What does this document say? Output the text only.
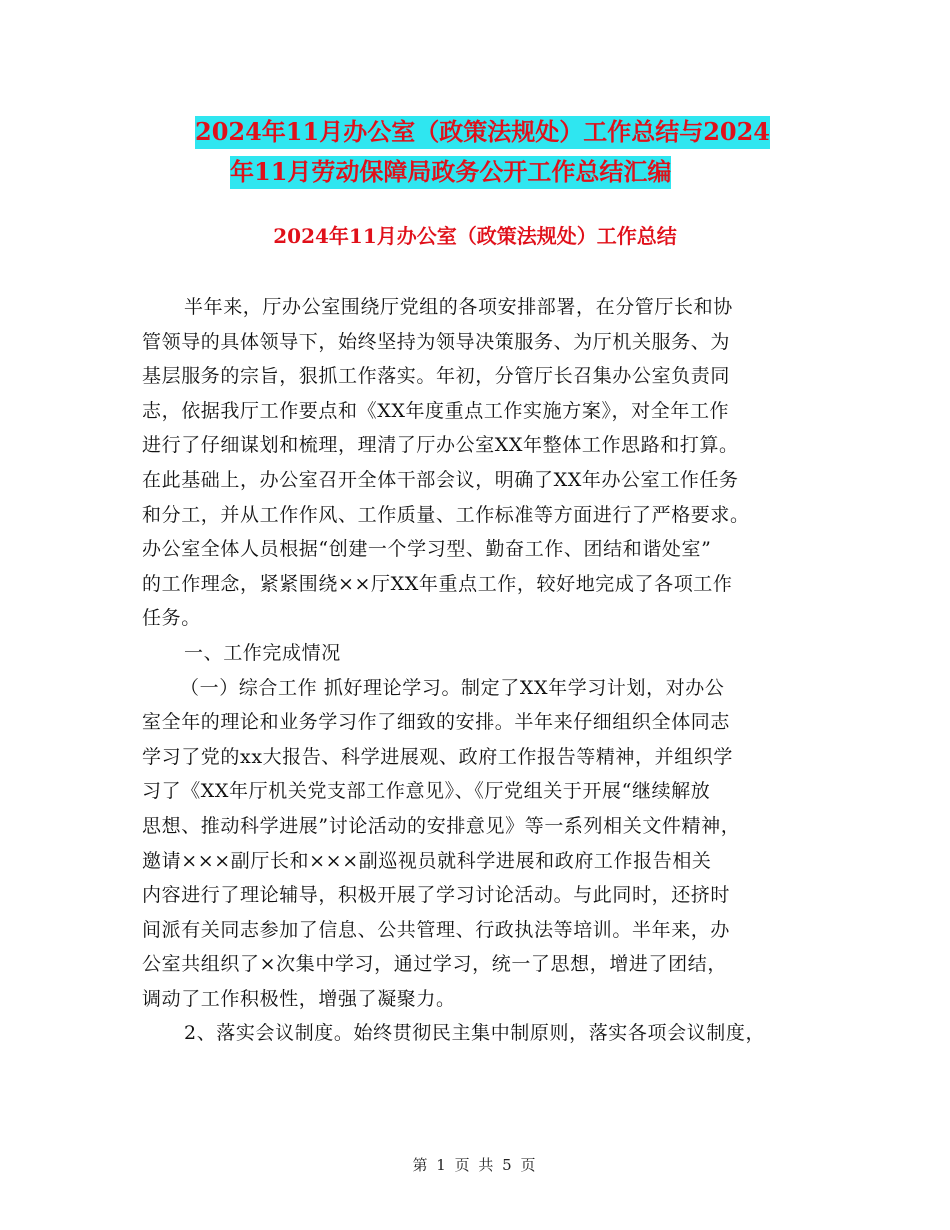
2024年11月办公室（政策法规处）工作总结与2024
年11月劳动保障局政务公开工作总结汇编
2024年11月办公室（政策法规处）工作总结
半年来，厅办公室围绕厅党组的各项安排部署，在分管厅长和协
管领导的具体领导下，始终坚持为领导决策服务、为厅机关服务、为
基层服务的宗旨，狠抓工作落实。年初，分管厅长召集办公室负责同
志，依据我厅工作要点和《XX年度重点工作实施方案》，对全年工作
进行了仔细谋划和梳理，理清了厅办公室XX年整体工作思路和打算。
在此基础上，办公室召开全体干部会议，明确了XX年办公室工作任务
和分工，并从工作作风、工作质量、工作标准等方面进行了严格要求。
办公室全体人员根据“创建一个学习型、勤奋工作、团结和谐处室”
的工作理念，紧紧围绕××厅XX年重点工作，较好地完成了各项工作
任务。
一、工作完成情况
（一）综合工作 抓好理论学习。制定了XX年学习计划，对办公
室全年的理论和业务学习作了细致的安排。半年来仔细组织全体同志
学习了党的xx大报告、科学进展观、政府工作报告等精神，并组织学
习了《XX年厅机关党支部工作意见》、《厅党组关于开展“继续解放
思想、推动科学进展”讨论活动的安排意见》等一系列相关文件精神，
邀请×××副厅长和×××副巡视员就科学进展和政府工作报告相关
内容进行了理论辅导，积极开展了学习讨论活动。与此同时，还挤时
间派有关同志参加了信息、公共管理、行政执法等培训。半年来，办
公室共组织了×次集中学习，通过学习，统一了思想，增进了团结，
调动了工作积极性，增强了凝聚力。
2、落实会议制度。始终贯彻民主集中制原则，落实各项会议制度，
第 1 页 共 5 页
